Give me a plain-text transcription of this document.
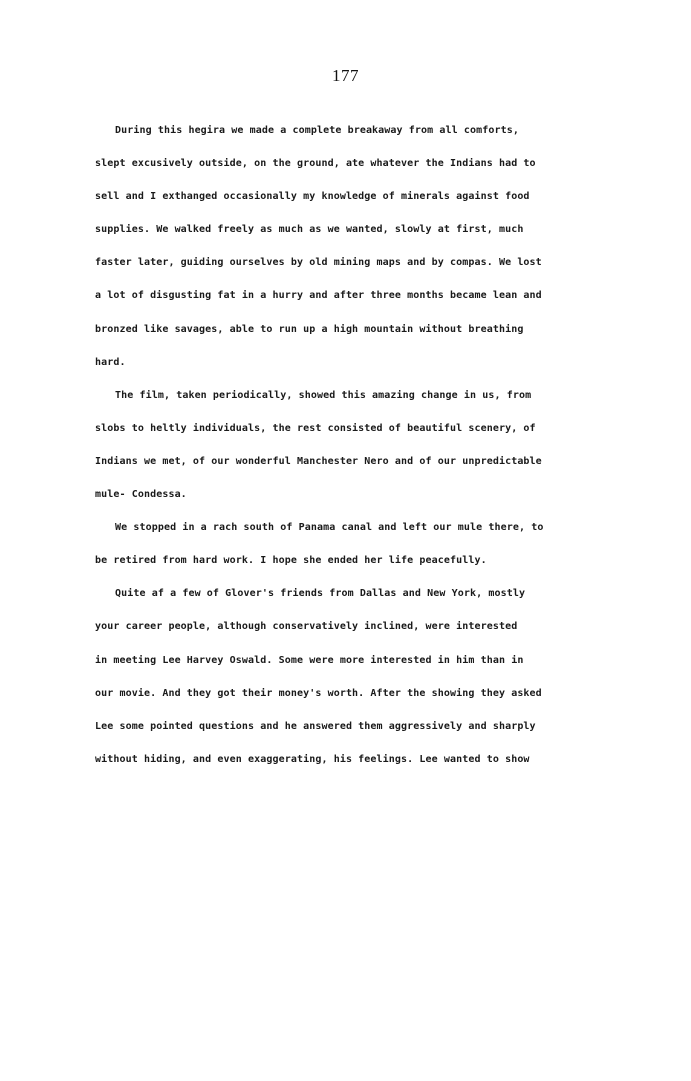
177
During this hegira we made a complete breakaway from all comforts,
slept excusively outside, on the ground, ate whatever the Indians had to
sell and I exthanged occasionally my knowledge of minerals against food
supplies. We walked freely as much as we wanted, slowly at first, much
faster later, guiding ourselves by old mining maps and by compas. We lost
a lot of disgusting fat in a hurry and after three months became lean and
bronzed like savages, able to run up a high mountain without breathing
hard.
The film, taken periodically, showed this amazing change in us, from
slobs to heltly individuals, the rest consisted of beautiful scenery, of
Indians we met, of our wonderful Manchester Nero and of our unpredictable
mule- Condessa.
We stopped in a rach south of Panama canal and left our mule there, to
be retired from hard work. I hope she ended her life peacefully.
Quite af a few of Glover's friends from Dallas and New York, mostly
your career people, although conservatively inclined, were interested
in meeting Lee Harvey Oswald. Some were more interested in him than in
our movie. And they got their money's worth. After the showing they asked
Lee some pointed questions and he answered them aggressively and sharply
without hiding, and even exaggerating, his feelings. Lee wanted to show
